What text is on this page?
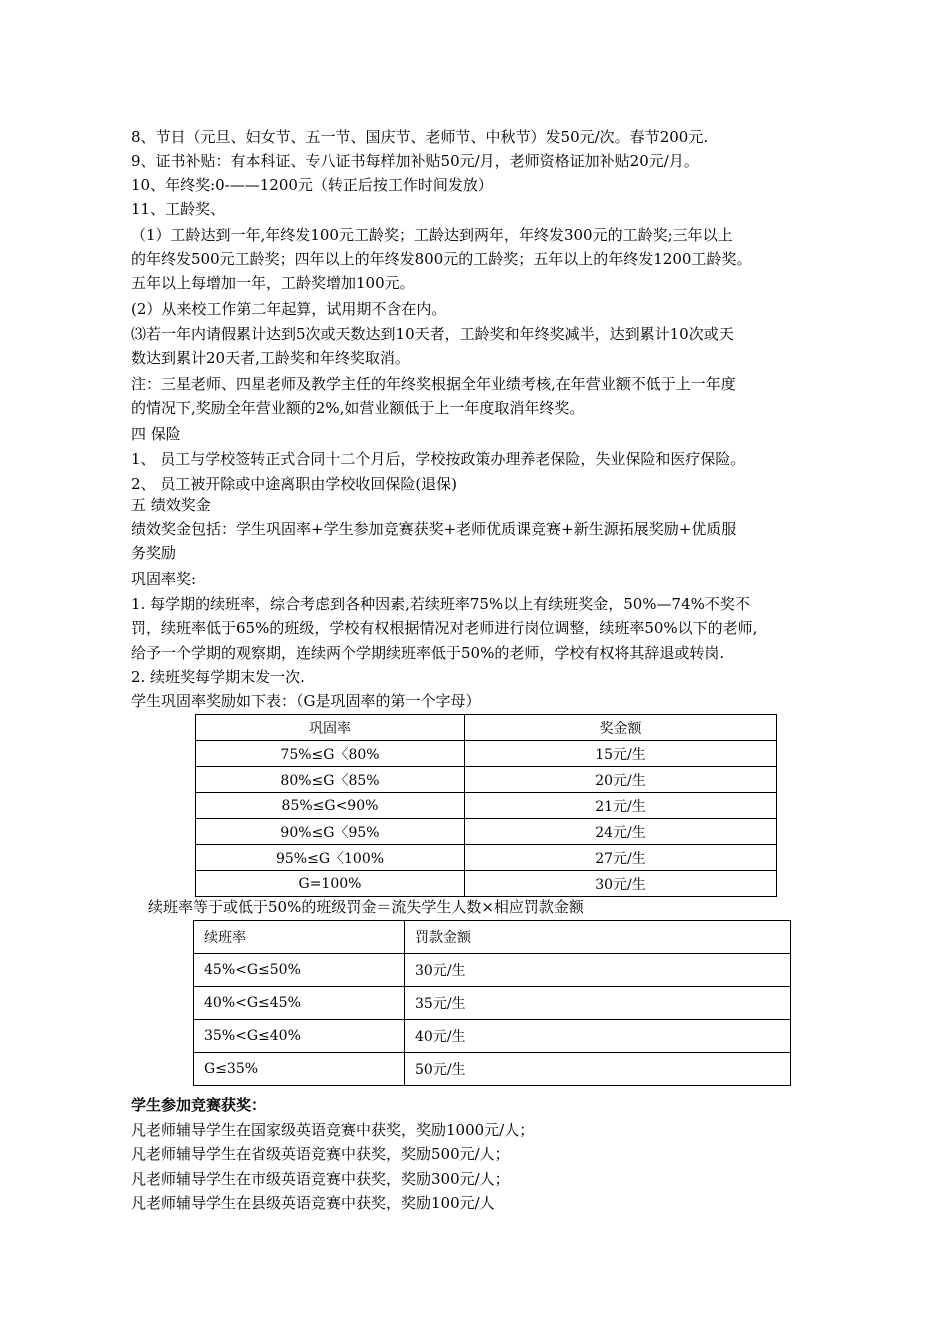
8、节日（元旦、妇女节、五一节、国庆节、老师节、中秋节）发50元/次。春节200元.
9、证书补贴：有本科证、专八证书每样加补贴50元/月，老师资格证加补贴20元/月。
10、年终奖:0-——1200元（转正后按工作时间发放）
11、工龄奖、
（1）工龄达到一年,年终发100元工龄奖；工龄达到两年，年终发300元的工龄奖;三年以上
的年终发500元工龄奖；四年以上的年终发800元的工龄奖；五年以上的年终发1200工龄奖。
五年以上每增加一年，工龄奖增加100元。
(2）从来校工作第二年起算，试用期不含在内。
⑶若一年内请假累计达到5次或天数达到10天者，工龄奖和年终奖减半，达到累计10次或天
数达到累计20天者,工龄奖和年终奖取消。
注：三星老师、四星老师及教学主任的年终奖根据全年业绩考核,在年营业额不低于上一年度
的情况下,奖励全年营业额的2%,如营业额低于上一年度取消年终奖。
四 保险
1、 员工与学校签转正式合同十二个月后，学校按政策办理养老保险，失业保险和医疗保险。
2、 员工被开除或中途离职由学校收回保险(退保)
五 绩效奖金
绩效奖金包括：学生巩固率+学生参加竞赛获奖+老师优质课竞赛+新生源拓展奖励+优质服
务奖励
巩固率奖:
1. 每学期的续班率，综合考虑到各种因素,若续班率75%以上有续班奖金，50%—74%不奖不
罚，续班率低于65%的班级，学校有权根据情况对老师进行岗位调整，续班率50%以下的老师,
给予一个学期的观察期，连续两个学期续班率低于50%的老师，学校有权将其辞退或转岗.
2. 续班奖每学期末发一次.
学生巩固率奖励如下表：（G是巩固率的第一个字母）
巩固率	奖金额
75%≤G〈80%	15元/生
80%≤G〈85%	20元/生
85%≤G<90%	21元/生
90%≤G〈95%	24元/生
95%≤G〈100%	27元/生
G=100%	30元/生
续班率等于或低于50%的班级罚金＝流失学生人数×相应罚款金额
续班率	罚款金额
45%<G≤50%	30元/生
40%<G≤45%	35元/生
35%<G≤40%	40元/生
G≤35%	50元/生
学生参加竞赛获奖：
凡老师辅导学生在国家级英语竞赛中获奖，奖励1000元/人；
凡老师辅导学生在省级英语竞赛中获奖，奖励500元/人；
凡老师辅导学生在市级英语竞赛中获奖，奖励300元/人；
凡老师辅导学生在县级英语竞赛中获奖，奖励100元/人
